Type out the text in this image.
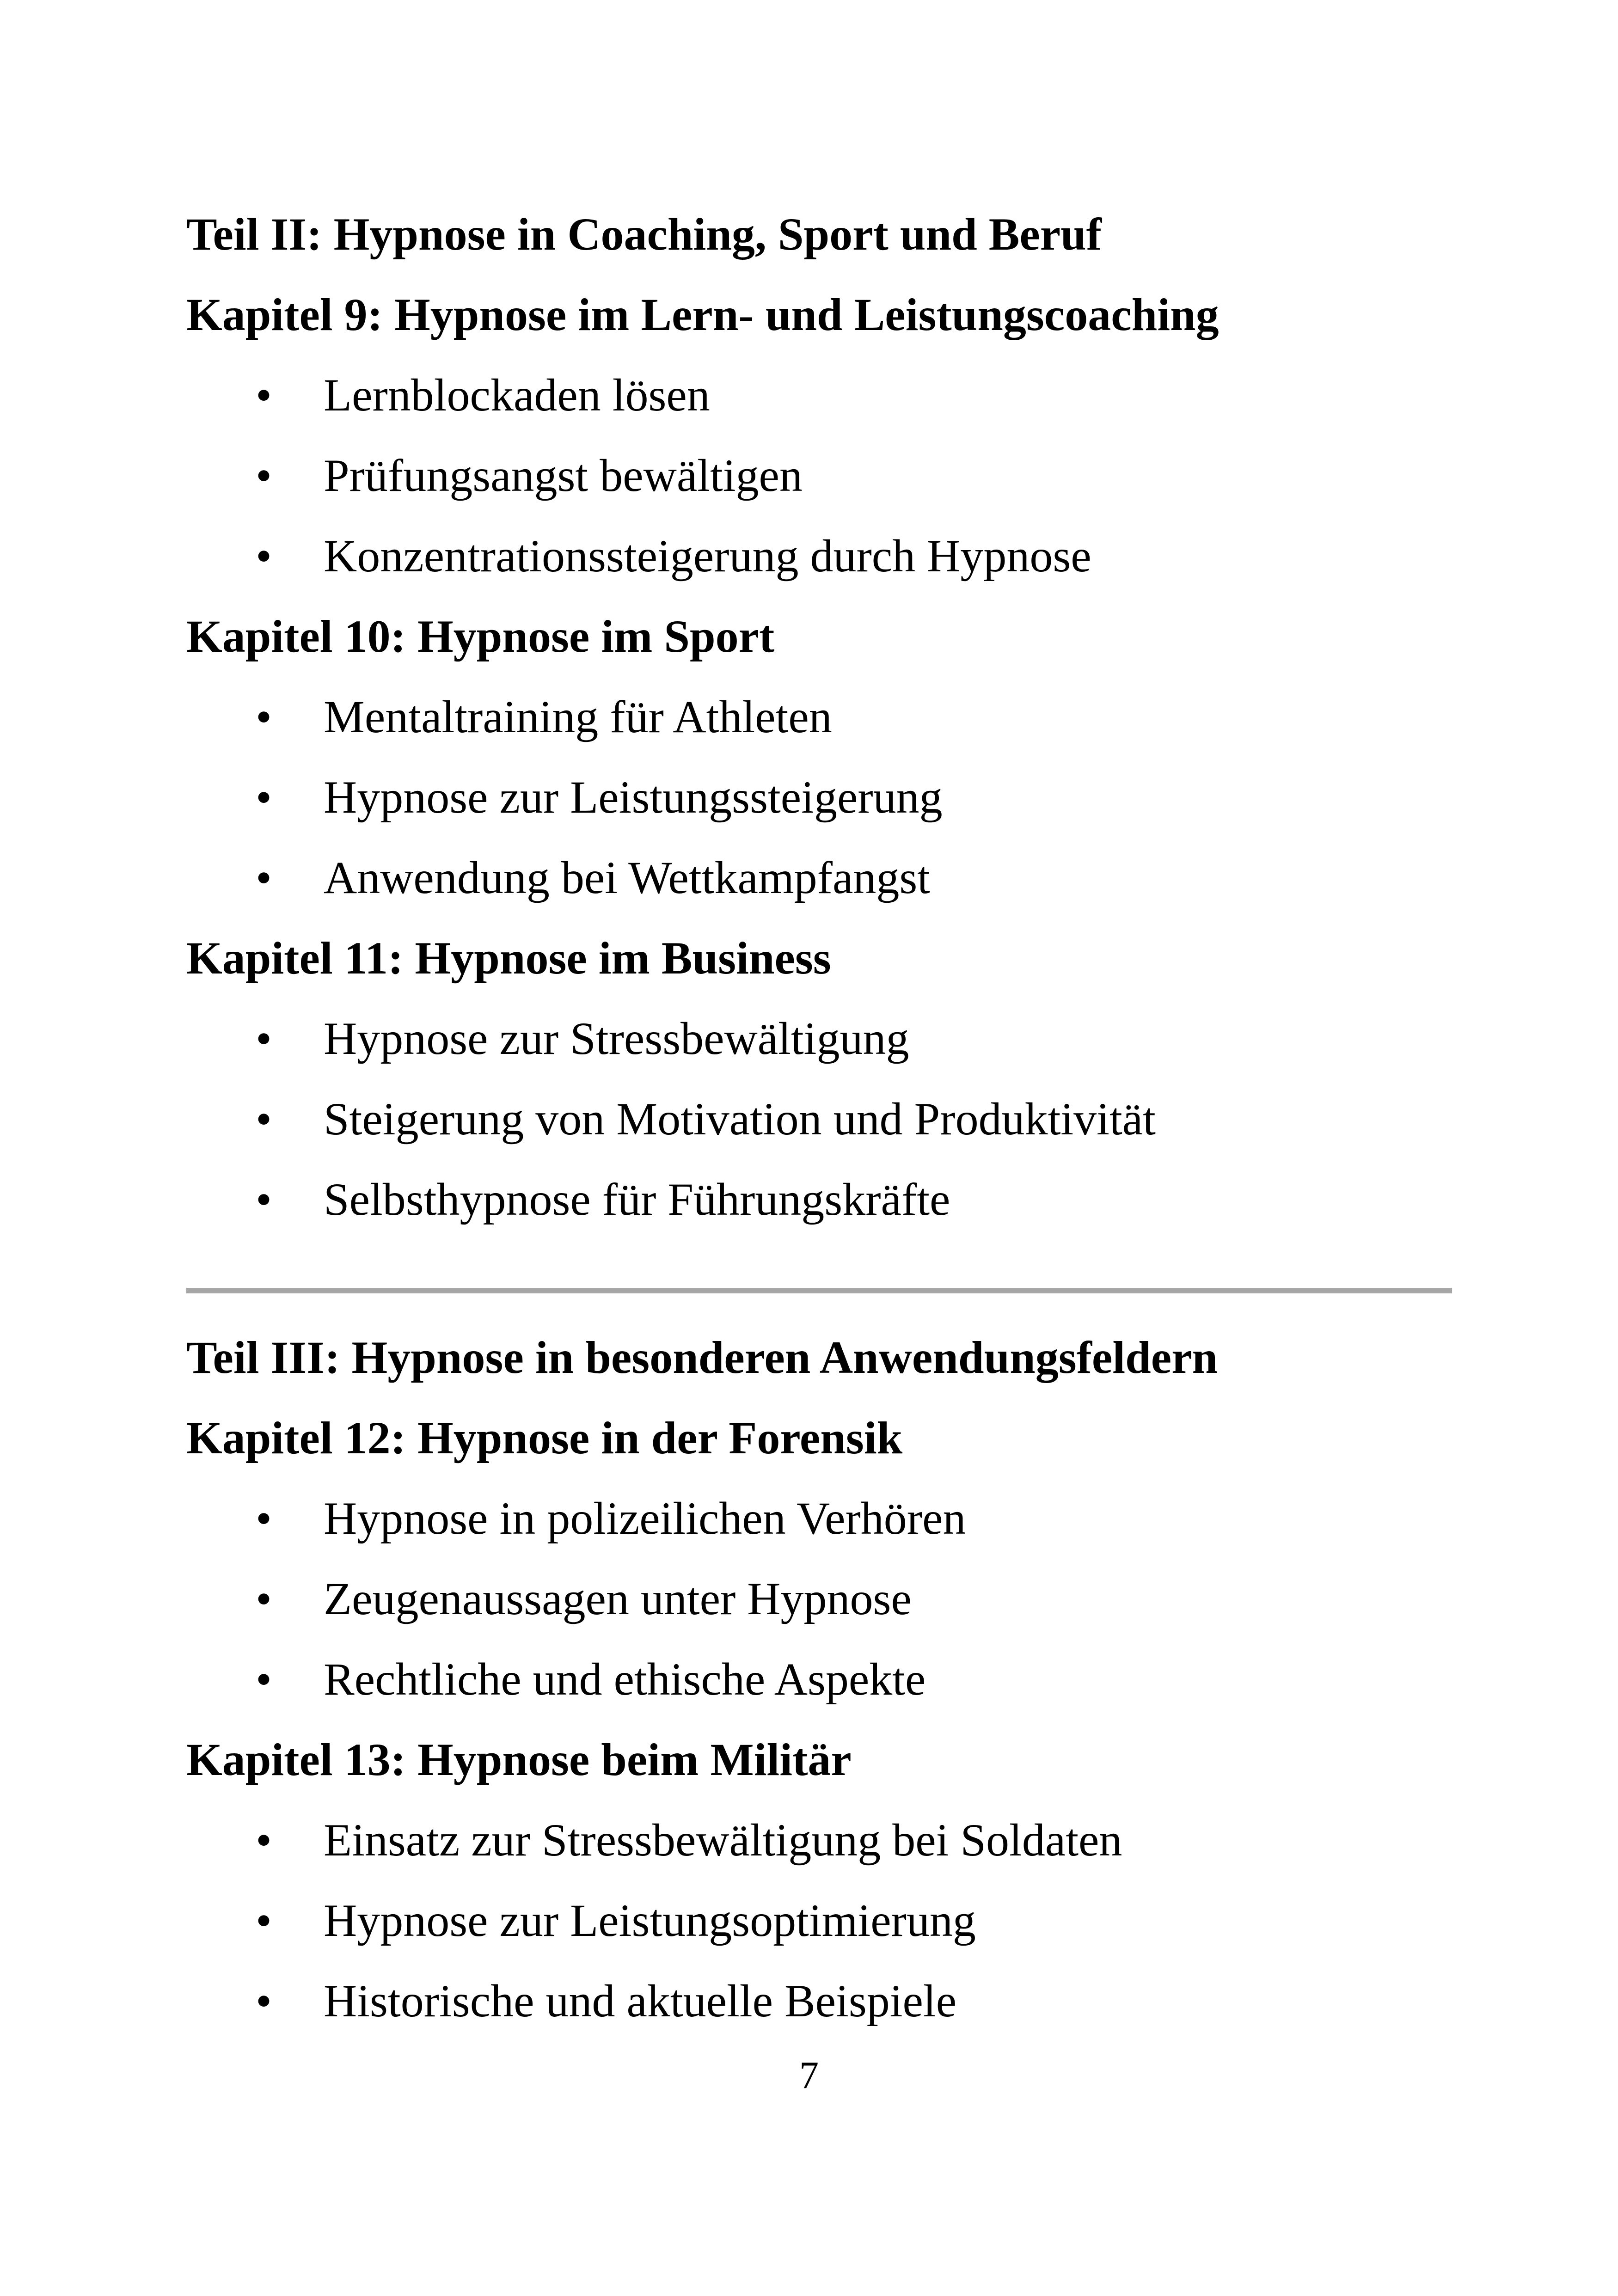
Teil II: Hypnose in Coaching, Sport und Beruf
Kapitel 9: Hypnose im Lern- und Leistungscoaching
• Lernblockaden lösen
• Prüfungsangst bewältigen
• Konzentrationssteigerung durch Hypnose
Kapitel 10: Hypnose im Sport
• Mentaltraining für Athleten
• Hypnose zur Leistungssteigerung
• Anwendung bei Wettkampfangst
Kapitel 11: Hypnose im Business
• Hypnose zur Stressbewältigung
• Steigerung von Motivation und Produktivität
• Selbsthypnose für Führungskräfte
Teil III: Hypnose in besonderen Anwendungsfeldern
Kapitel 12: Hypnose in der Forensik
• Hypnose in polizeilichen Verhören
• Zeugenaussagen unter Hypnose
• Rechtliche und ethische Aspekte
Kapitel 13: Hypnose beim Militär
• Einsatz zur Stressbewältigung bei Soldaten
• Hypnose zur Leistungsoptimierung
• Historische und aktuelle Beispiele
7
